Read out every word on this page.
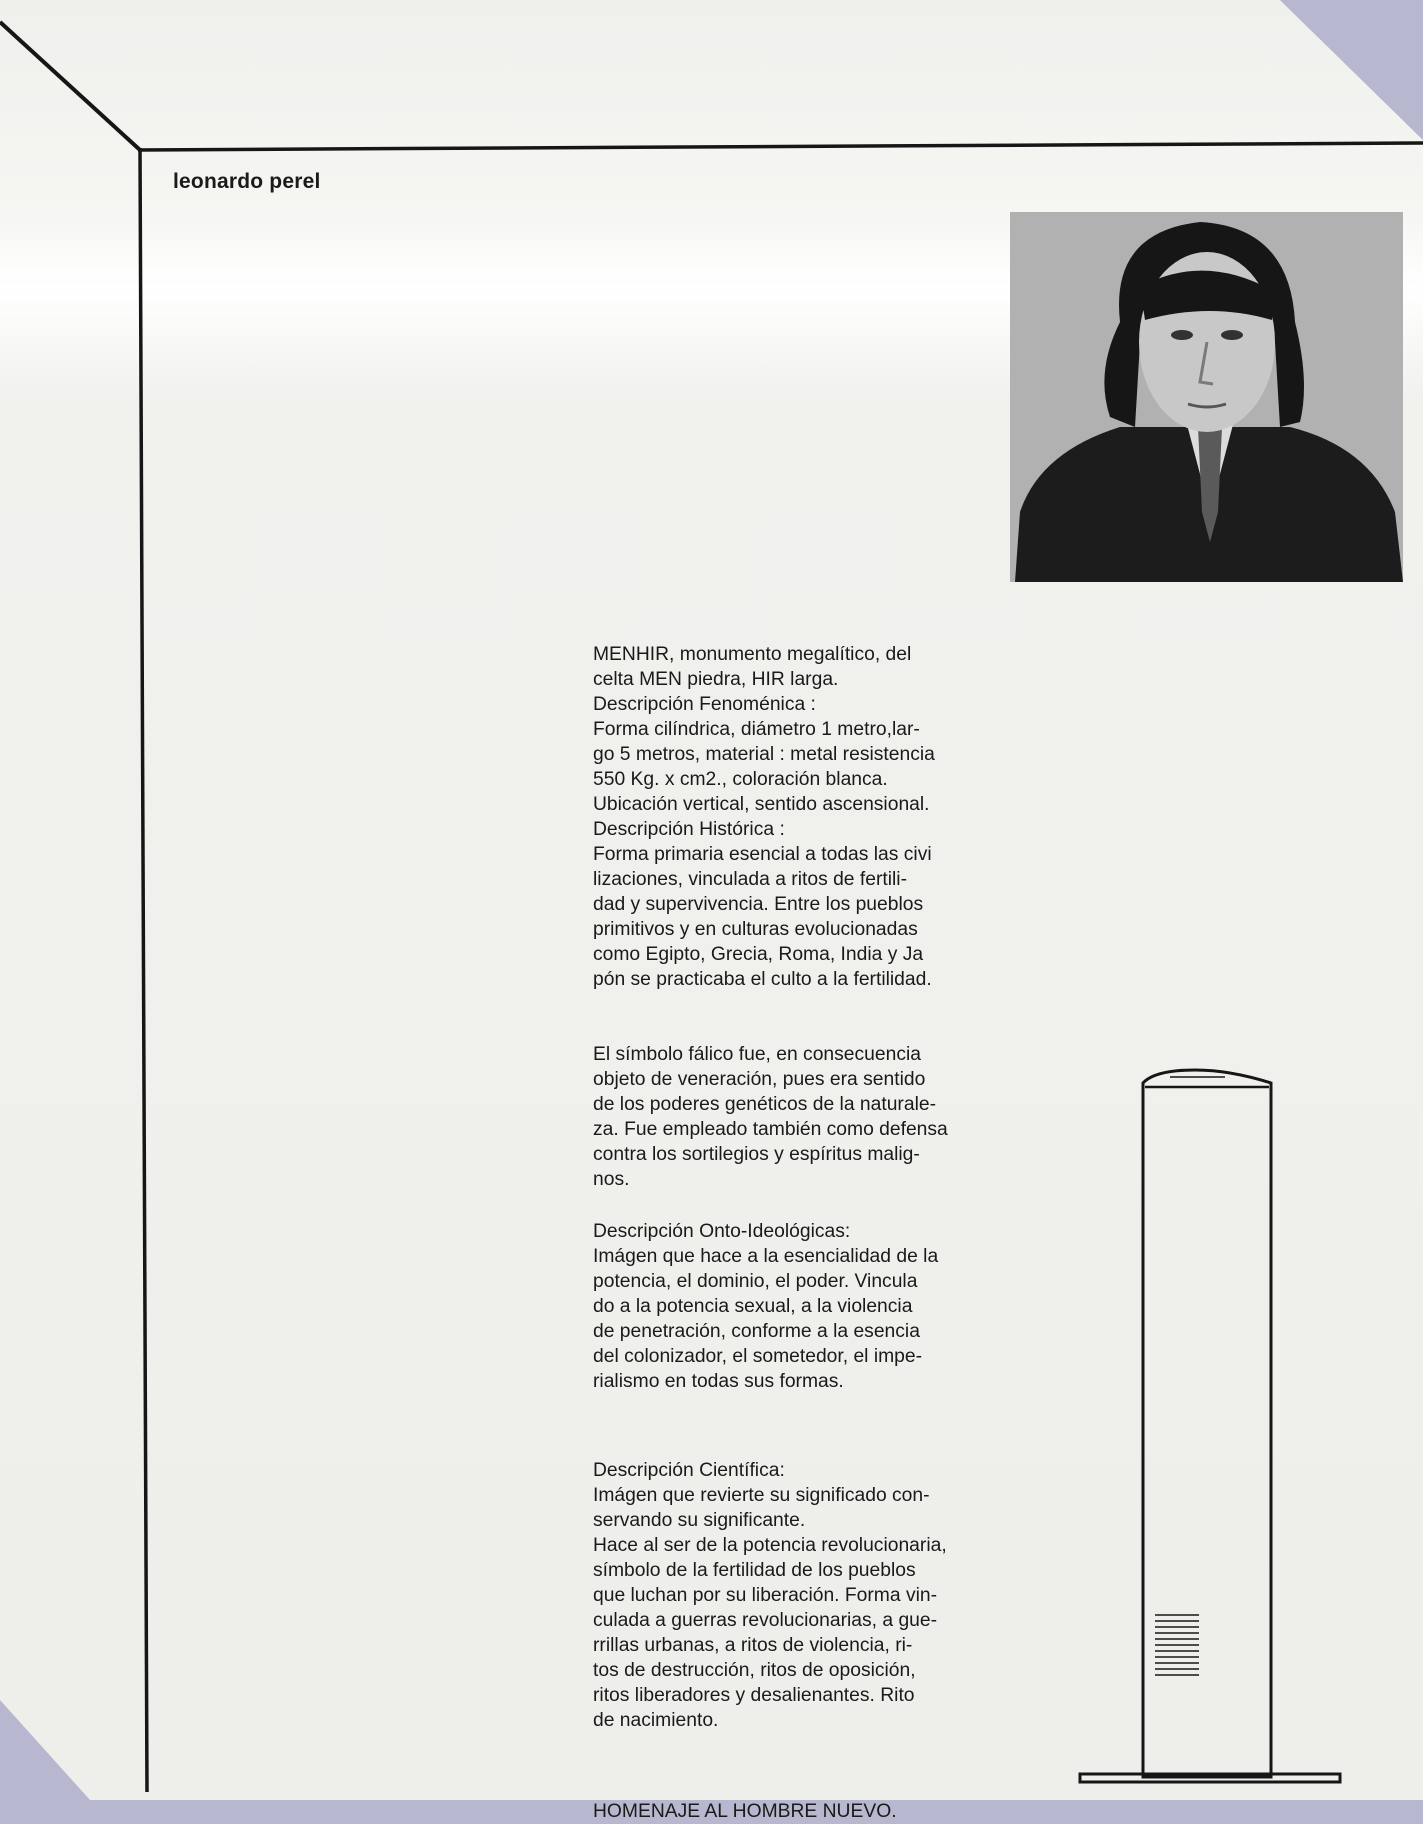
leonardo perel
MENHIR, monumento megalítico, del
celta MEN piedra, HIR larga.
Descripción Fenoménica :
Forma cilíndrica, diámetro 1 metro,lar-
go 5 metros, material : metal resistencia
550 Kg. x cm2., coloración blanca.
Ubicación vertical, sentido ascensional.
Descripción Histórica :
Forma primaria esencial a todas las civi
lizaciones, vinculada a ritos de fertili-
dad y supervivencia. Entre los pueblos
primitivos y en culturas evolucionadas
como Egipto, Grecia, Roma, India y Ja
pón se practicaba el culto a la fertilidad.
El símbolo fálico fue, en consecuencia
objeto de veneración, pues era sentido
de los poderes genéticos de la naturale-
za. Fue empleado también como defensa
contra los sortilegios y espíritus malig-
nos.
Descripción Onto-Ideológicas:
Imágen que hace a la esencialidad de la
potencia, el dominio, el poder. Vincula
do a la potencia sexual, a la violencia
de penetración, conforme a la esencia
del colonizador, el sometedor, el impe-
rialismo en todas sus formas.
Descripción Científica:
Imágen que revierte su significado con-
servando su significante.
Hace al ser de la potencia revolucionaria,
símbolo de la fertilidad de los pueblos
que luchan por su liberación. Forma vin-
culada a guerras revolucionarias, a gue-
rrillas urbanas, a ritos de violencia, ri-
tos de destrucción, ritos de oposición,
ritos liberadores y desalienantes. Rito
de nacimiento.
HOMENAJE AL HOMBRE NUEVO.
